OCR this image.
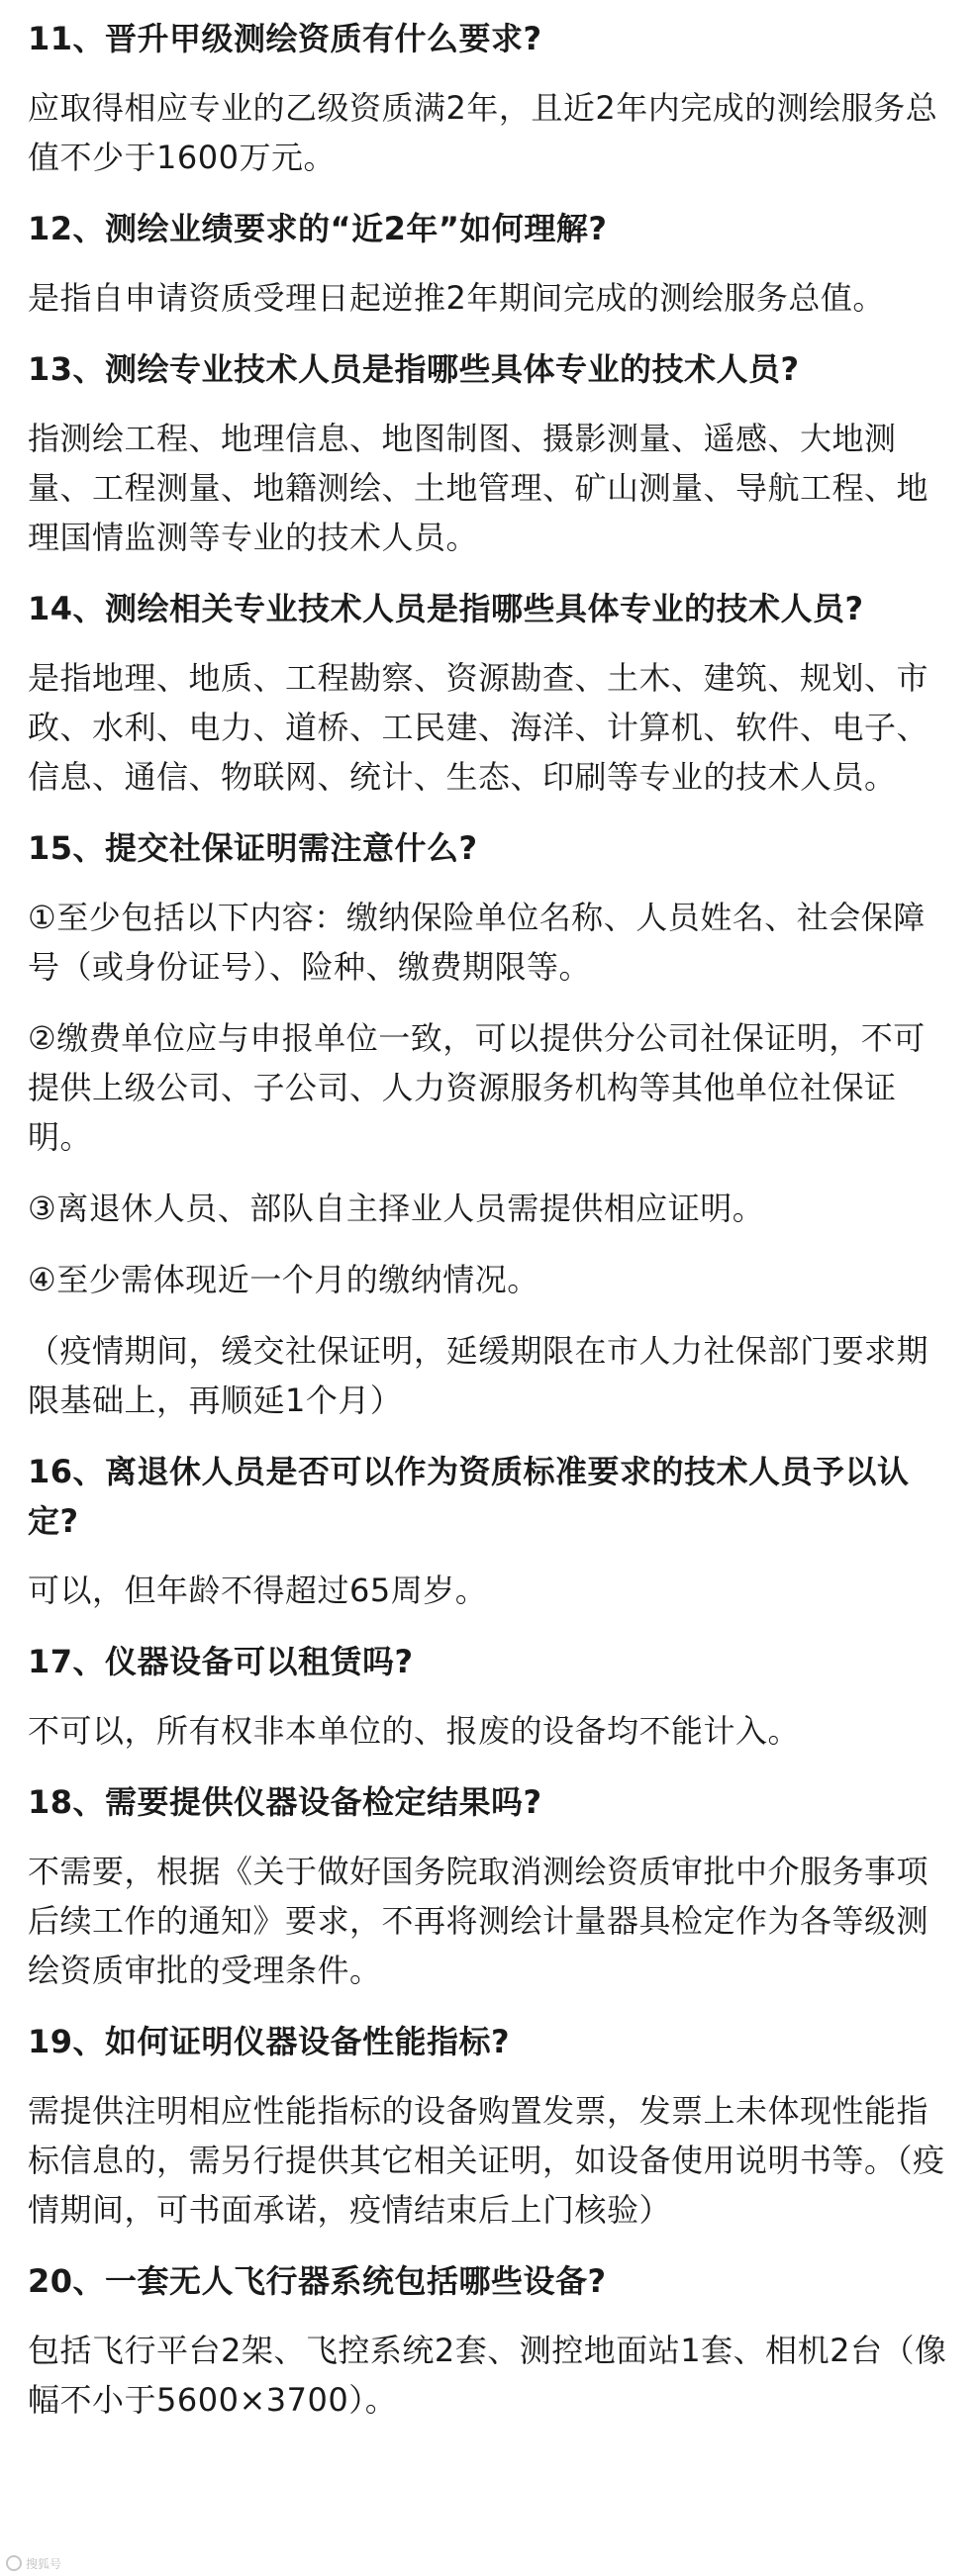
11、晋升甲级测绘资质有什么要求?

应取得相应专业的乙级资质满2年，且近2年内完成的测绘服务总值不少于1600万元。

12、测绘业绩要求的“近2年”如何理解?

是指自申请资质受理日起逆推2年期间完成的测绘服务总值。

13、测绘专业技术人员是指哪些具体专业的技术人员?

指测绘工程、地理信息、地图制图、摄影测量、遥感、大地测量、工程测量、地籍测绘、土地管理、矿山测量、导航工程、地理国情监测等专业的技术人员。

14、测绘相关专业技术人员是指哪些具体专业的技术人员?

是指地理、地质、工程勘察、资源勘查、土木、建筑、规划、市政、水利、电力、道桥、工民建、海洋、计算机、软件、电子、信息、通信、物联网、统计、生态、印刷等专业的技术人员。

15、提交社保证明需注意什么?

①至少包括以下内容：缴纳保险单位名称、人员姓名、社会保障号（或身份证号）、险种、缴费期限等。

②缴费单位应与申报单位一致，可以提供分公司社保证明，不可提供上级公司、子公司、人力资源服务机构等其他单位社保证明。

③离退休人员、部队自主择业人员需提供相应证明。

④至少需体现近一个月的缴纳情况。

（疫情期间，缓交社保证明，延缓期限在市人力社保部门要求期限基础上，再顺延1个月）

16、离退休人员是否可以作为资质标准要求的技术人员予以认定?

可以，但年龄不得超过65周岁。

17、仪器设备可以租赁吗?

不可以，所有权非本单位的、报废的设备均不能计入。

18、需要提供仪器设备检定结果吗?

不需要，根据《关于做好国务院取消测绘资质审批中介服务事项后续工作的通知》要求，不再将测绘计量器具检定作为各等级测绘资质审批的受理条件。

19、如何证明仪器设备性能指标?

需提供注明相应性能指标的设备购置发票，发票上未体现性能指标信息的，需另行提供其它相关证明，如设备使用说明书等。（疫情期间，可书面承诺，疫情结束后上门核验）

20、一套无人飞行器系统包括哪些设备?

包括飞行平台2架、飞控系统2套、测控地面站1套、相机2台（像幅不小于5600×3700）。

搜狐号
